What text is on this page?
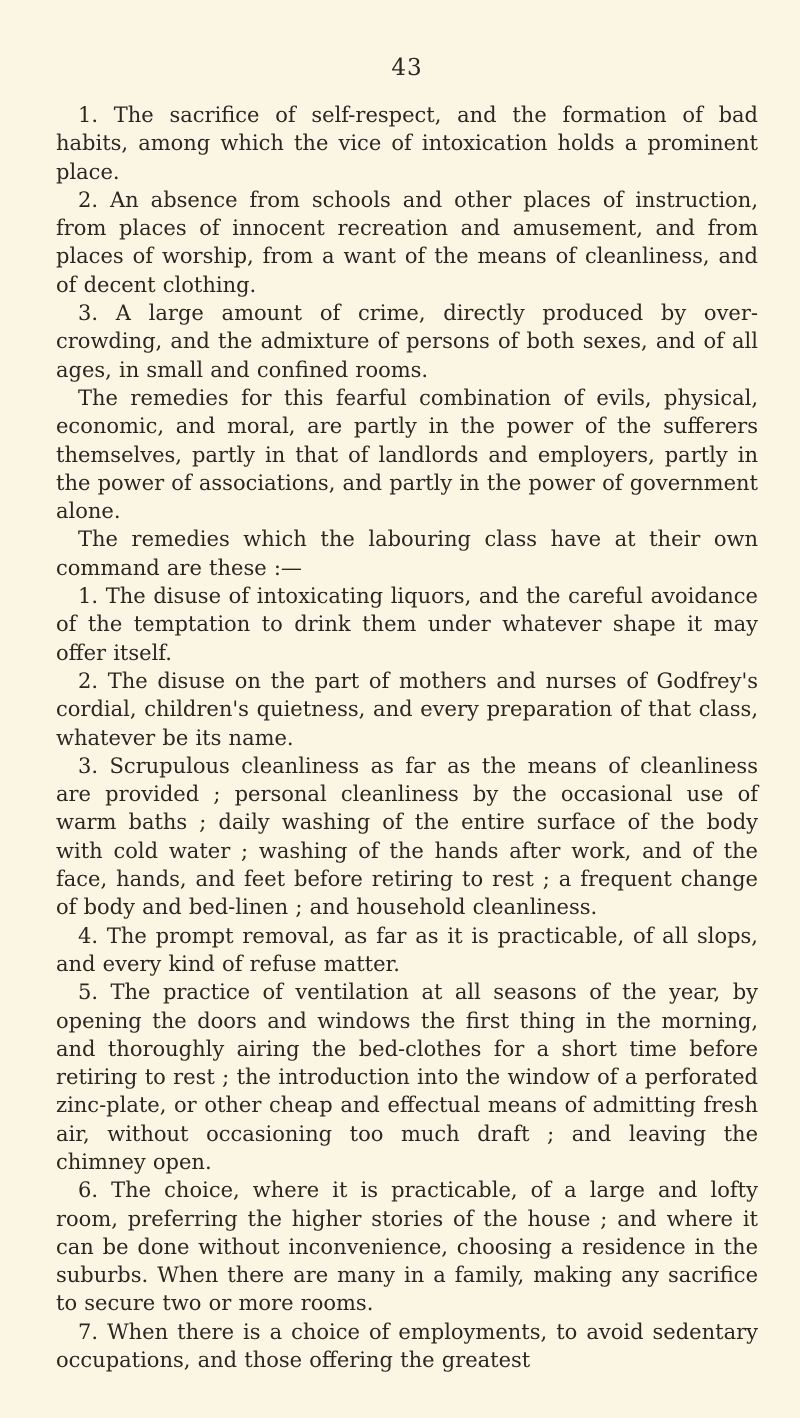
43

1. The sacrifice of self-respect, and the formation of bad habits, among which the vice of intoxication holds a prominent place.

2. An absence from schools and other places of instruction, from places of innocent recreation and amusement, and from places of worship, from a want of the means of cleanliness, and of decent clothing.

3. A large amount of crime, directly produced by over-crowding, and the admixture of persons of both sexes, and of all ages, in small and confined rooms.

The remedies for this fearful combination of evils, physical, economic, and moral, are partly in the power of the sufferers themselves, partly in that of landlords and employers, partly in the power of associations, and partly in the power of government alone.

The remedies which the labouring class have at their own command are these :—

1. The disuse of intoxicating liquors, and the careful avoidance of the temptation to drink them under whatever shape it may offer itself.

2. The disuse on the part of mothers and nurses of Godfrey's cordial, children's quietness, and every preparation of that class, whatever be its name.

3. Scrupulous cleanliness as far as the means of cleanliness are provided ; personal cleanliness by the occasional use of warm baths ; daily washing of the entire surface of the body with cold water ; washing of the hands after work, and of the face, hands, and feet before retiring to rest ; a frequent change of body and bed-linen ; and household cleanliness.

4. The prompt removal, as far as it is practicable, of all slops, and every kind of refuse matter.

5. The practice of ventilation at all seasons of the year, by opening the doors and windows the first thing in the morning, and thoroughly airing the bed-clothes for a short time before retiring to rest ; the introduction into the window of a perforated zinc-plate, or other cheap and effectual means of admitting fresh air, without occasioning too much draft ; and leaving the chimney open.

6. The choice, where it is practicable, of a large and lofty room, preferring the higher stories of the house ; and where it can be done without inconvenience, choosing a residence in the suburbs. When there are many in a family, making any sacrifice to secure two or more rooms.

7. When there is a choice of employments, to avoid sedentary occupations, and those offering the greatest
